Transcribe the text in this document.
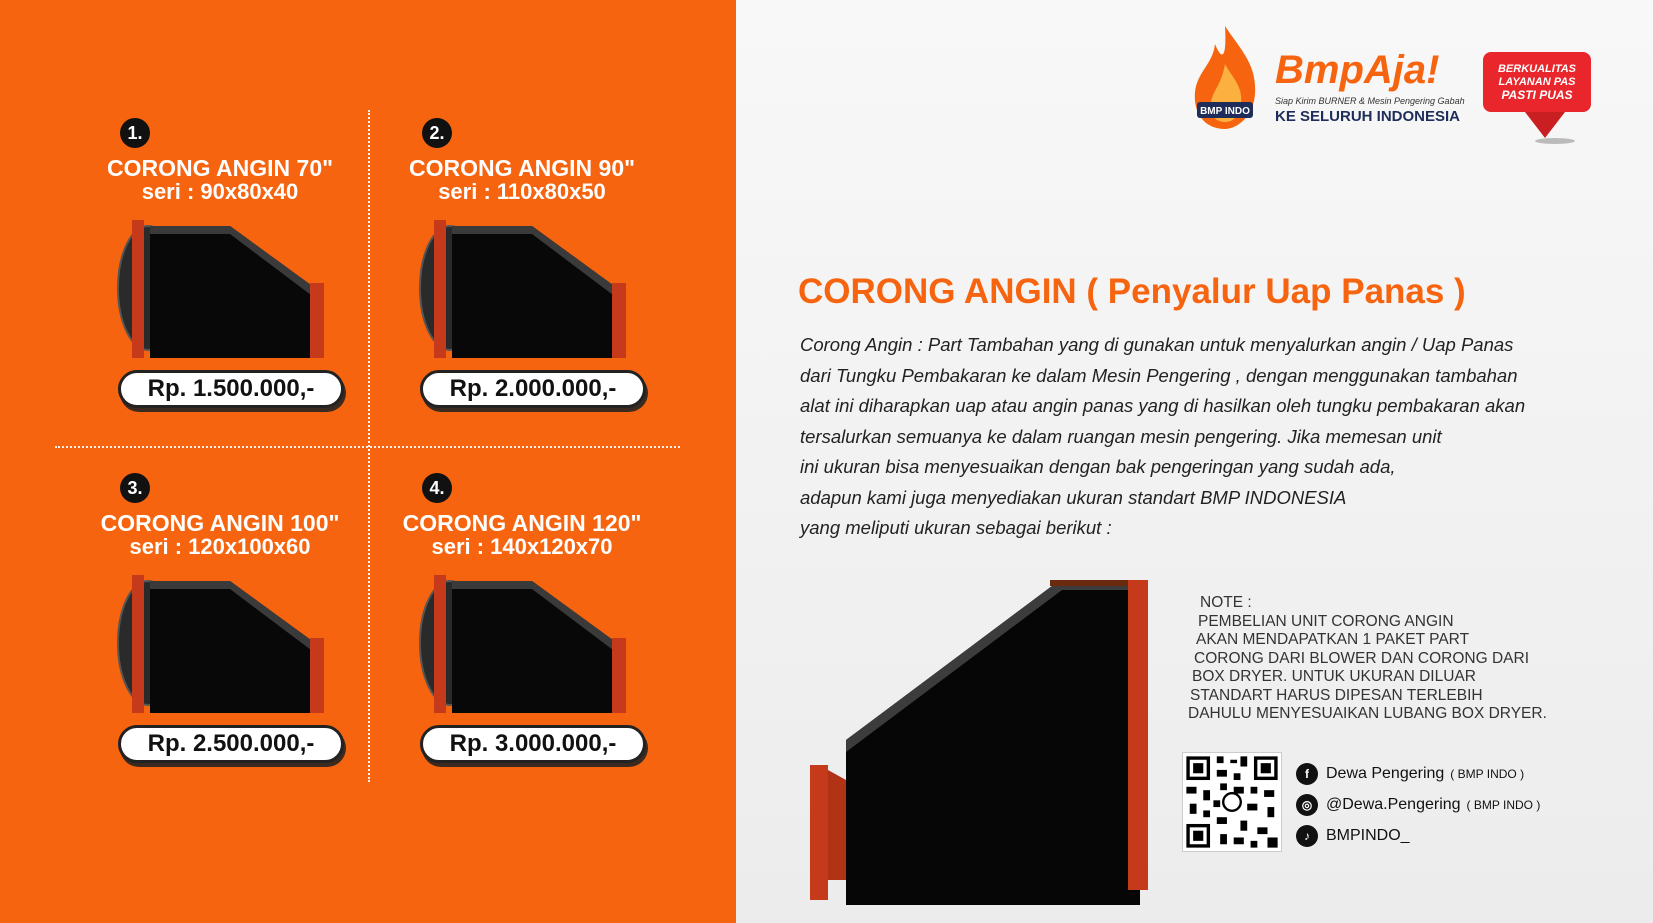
1.
CORONG ANGIN 70"
seri : 90x80x40
Rp. 1.500.000,-
2.
CORONG ANGIN 90"
seri : 110x80x50
Rp. 2.000.000,-
3.
CORONG ANGIN 100"
seri : 120x100x60
Rp. 2.500.000,-
4.
CORONG ANGIN 120"
seri : 140x120x70
Rp. 3.000.000,-
BMP INDO
BmpAja!
Siap Kirim BURNER & Mesin Pengering Gabah
KE SELURUH INDONESIA
BERKUALITAS
LAYANAN PAS
PASTI PUAS
CORONG ANGIN ( Penyalur Uap Panas )
Corong Angin : Part Tambahan yang di gunakan untuk menyalurkan angin / Uap Panas
dari Tungku Pembakaran ke dalam Mesin Pengering , dengan menggunakan tambahan
alat ini diharapkan uap atau angin panas yang di hasilkan oleh tungku pembakaran akan
tersalurkan semuanya ke dalam ruangan mesin pengering. Jika memesan unit
ini ukuran bisa menyesuaikan dengan bak pengeringan yang sudah ada,
adapun kami juga menyediakan ukuran standart BMP INDONESIA
yang meliputi ukuran sebagai berikut :
NOTE :
PEMBELIAN UNIT CORONG ANGIN
AKAN MENDAPATKAN 1 PAKET PART
CORONG DARI BLOWER DAN CORONG DARI
BOX DRYER. UNTUK UKURAN DILUAR
STANDART HARUS DIPESAN TERLEBIH
DAHULU MENYESUAIKAN LUBANG BOX DRYER.
f	Dewa Pengering ( BMP INDO )
◎ @Dewa.Pengering ( BMP INDO )
♪	BMPINDO_
